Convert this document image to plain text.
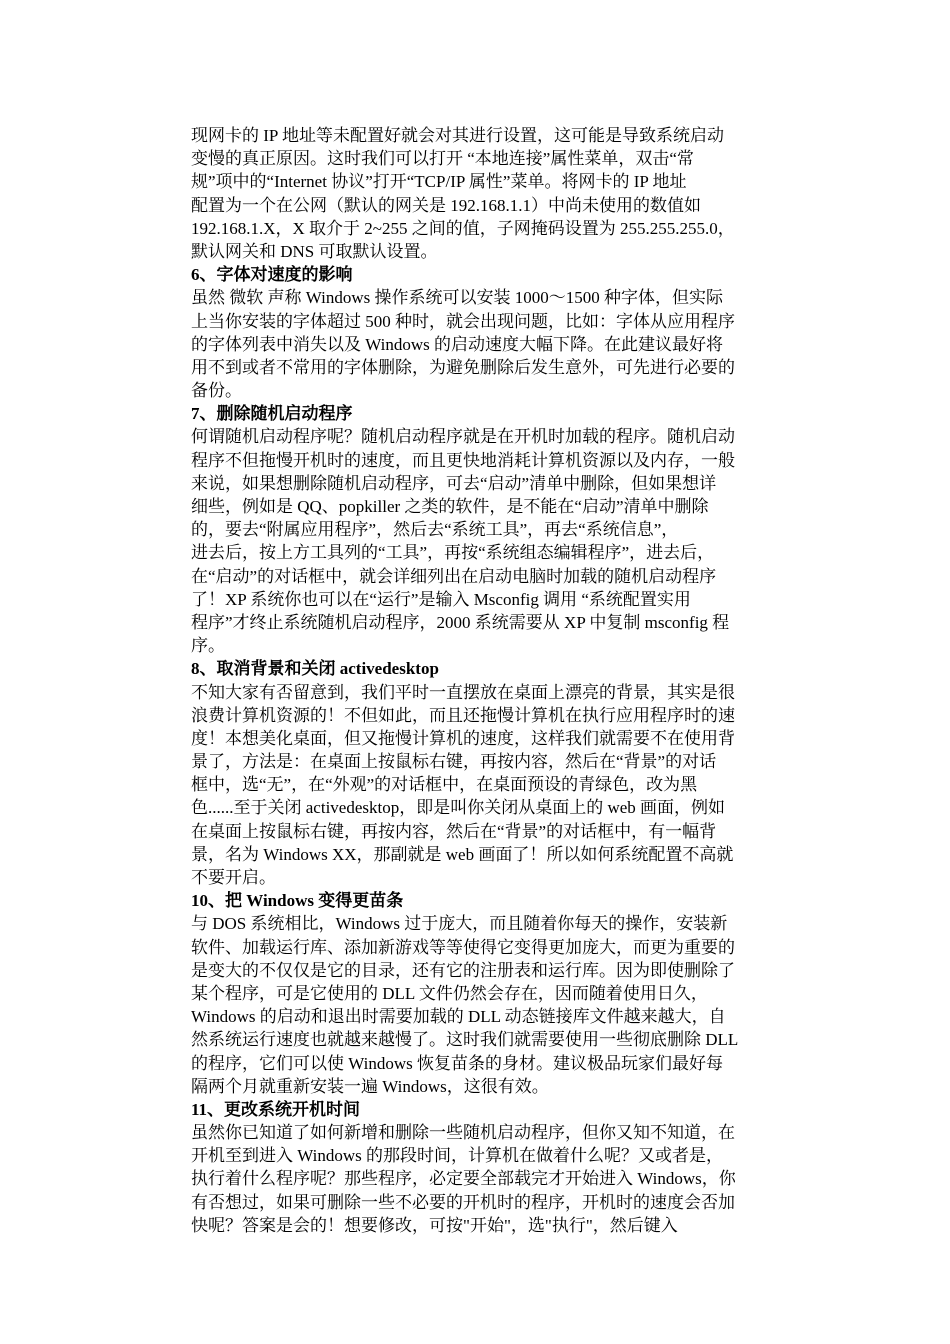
现网卡的 IP 地址等未配置好就会对其进行设置，这可能是导致系统启动
变慢的真正原因。这时我们可以打开 “本地连接”属性菜单，双击“常
规”项中的“Internet 协议”打开“TCP/IP 属性”菜单。将网卡的 IP 地址
配置为一个在公网（默认的网关是 192.168.1.1）中尚未使用的数值如
192.168.1.X，X 取介于 2~255 之间的值，子网掩码设置为 255.255.255.0，
默认网关和 DNS 可取默认设置。
6、字体对速度的影响
虽然 微软 声称 Windows 操作系统可以安装 1000～1500 种字体，但实际
上当你安装的字体超过 500 种时，就会出现问题，比如：字体从应用程序
的字体列表中消失以及 Windows 的启动速度大幅下降。在此建议最好将
用不到或者不常用的字体删除，为避免删除后发生意外，可先进行必要的
备份。
7、删除随机启动程序
何谓随机启动程序呢？随机启动程序就是在开机时加载的程序。随机启动
程序不但拖慢开机时的速度，而且更快地消耗计算机资源以及内存，一般
来说，如果想删除随机启动程序，可去“启动”清单中删除，但如果想详
细些，例如是 QQ、popkiller 之类的软件，是不能在“启动”清单中删除
的，要去“附属应用程序”，然后去“系统工具”，再去“系统信息”，
进去后，按上方工具列的“工具”，再按“系统组态编辑程序”，进去后，
在“启动”的对话框中，就会详细列出在启动电脑时加载的随机启动程序
了！XP 系统你也可以在“运行”是输入 Msconfig 调用 “系统配置实用
程序”才终止系统随机启动程序，2000 系统需要从 XP 中复制 msconfig 程
序。
8、取消背景和关闭 activedesktop
不知大家有否留意到，我们平时一直摆放在桌面上漂亮的背景，其实是很
浪费计算机资源的！不但如此，而且还拖慢计算机在执行应用程序时的速
度！本想美化桌面，但又拖慢计算机的速度，这样我们就需要不在使用背
景了，方法是：在桌面上按鼠标右键，再按内容，然后在“背景”的对话
框中，选“无”，在“外观”的对话框中，在桌面预设的青绿色，改为黑
色......至于关闭 activedesktop，即是叫你关闭从桌面上的 web 画面，例如
在桌面上按鼠标右键，再按内容，然后在“背景”的对话框中，有一幅背
景，名为 Windows XX，那副就是 web 画面了！所以如何系统配置不高就
不要开启。
10、把 Windows 变得更苗条
与 DOS 系统相比，Windows 过于庞大，而且随着你每天的操作，安装新
软件、加载运行库、添加新游戏等等使得它变得更加庞大，而更为重要的
是变大的不仅仅是它的目录，还有它的注册表和运行库。因为即使删除了
某个程序，可是它使用的 DLL 文件仍然会存在，因而随着使用日久，
Windows 的启动和退出时需要加载的 DLL 动态链接库文件越来越大，自
然系统运行速度也就越来越慢了。这时我们就需要使用一些彻底删除 DLL
的程序，它们可以使 Windows 恢复苗条的身材。建议极品玩家们最好每
隔两个月就重新安装一遍 Windows，这很有效。
11、更改系统开机时间
虽然你已知道了如何新增和删除一些随机启动程序，但你又知不知道，在
开机至到进入 Windows 的那段时间，计算机在做着什么呢？又或者是，
执行着什么程序呢？那些程序，必定要全部载完才开始进入 Windows，你
有否想过，如果可删除一些不必要的开机时的程序，开机时的速度会否加
快呢？答案是会的！想要修改，可按"开始"，选"执行"，然后键入
